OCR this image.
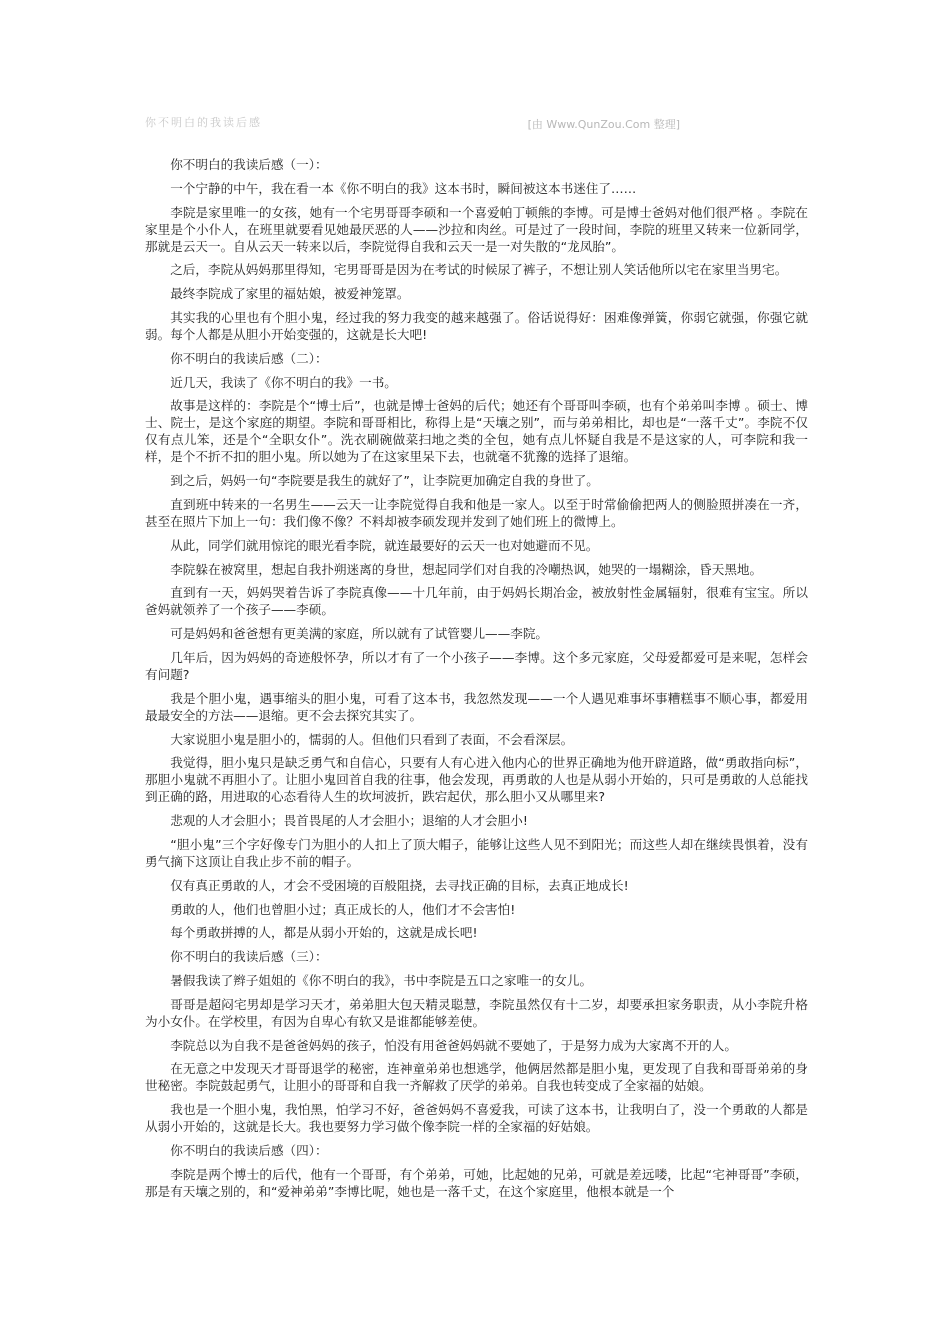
你不明白的我读后感	[由 Www.QunZou.Com 整理]

你不明白的我读后感（一）：

一个宁静的中午，我在看一本《你不明白的我》这本书时，瞬间被这本书迷住了……

李院是家里唯一的女孩，她有一个宅男哥哥李硕和一个喜爱帕丁顿熊的李博。可是博士爸妈对他们很严格 。李院在家里是个小仆人，在班里就要看见她最厌恶的人——沙拉和肉丝。可是过了一段时间，李院的班里又转来一位新同学，那就是云天一。自从云天一转来以后，李院觉得自我和云天一是一对失散的“龙凤胎”。

之后，李院从妈妈那里得知，宅男哥哥是因为在考试的时候尿了裤子，不想让别人笑话他所以宅在家里当男宅。

最终李院成了家里的福姑娘，被爱神笼罩。

其实我的心里也有个胆小鬼，经过我的努力我变的越来越强了。俗话说得好：困难像弹簧，你弱它就强，你强它就弱。每个人都是从胆小开始变强的，这就是长大吧!

你不明白的我读后感（二）：

近几天，我读了《你不明白的我》一书。

故事是这样的：李院是个“博士后”，也就是博士爸妈的后代；她还有个哥哥叫李硕，也有个弟弟叫李博 。硕士、博士、院士，是这个家庭的期望。李院和哥哥相比，称得上是“天壤之别”，而与弟弟相比，却也是“一落千丈”。李院不仅仅有点儿笨，还是个“全职女仆”。洗衣刷碗做菜扫地之类的全包，她有点儿怀疑自我是不是这家的人，可李院和我一样，是个不折不扣的胆小鬼。所以她为了在这家里呆下去，也就毫不犹豫的选择了退缩。

到之后，妈妈一句“李院要是我生的就好了”，让李院更加确定自我的身世了。

直到班中转来的一名男生——云天一让李院觉得自我和他是一家人。以至于时常偷偷把两人的侧脸照拼凑在一齐，甚至在照片下加上一句：我们像不像？不料却被李硕发现并发到了她们班上的微博上。

从此，同学们就用惊诧的眼光看李院，就连最要好的云天一也对她避而不见。

李院躲在被窝里，想起自我扑朔迷离的身世，想起同学们对自我的冷嘲热讽，她哭的一塌糊涂，昏天黑地。

直到有一天，妈妈哭着告诉了李院真像——十几年前，由于妈妈长期冶金，被放射性金属辐射，很难有宝宝。所以爸妈就领养了一个孩子——李硕。

可是妈妈和爸爸想有更美满的家庭，所以就有了试管婴儿——李院。

几年后，因为妈妈的奇迹般怀孕，所以才有了一个小孩子——李博。这个多元家庭，父母爱都爱可是来呢，怎样会有问题?

我是个胆小鬼，遇事缩头的胆小鬼，可看了这本书，我忽然发现——一个人遇见难事坏事糟糕事不顺心事，都爱用最最安全的方法——退缩。更不会去探究其实了。

大家说胆小鬼是胆小的，懦弱的人。但他们只看到了表面，不会看深层。

我觉得，胆小鬼只是缺乏勇气和自信心，只要有人有心进入他内心的世界正确地为他开辟道路，做“勇敢指向标”，那胆小鬼就不再胆小了。让胆小鬼回首自我的往事，他会发现，再勇敢的人也是从弱小开始的，只可是勇敢的人总能找到正确的路，用进取的心态看待人生的坎坷波折，跌宕起伏，那么胆小又从哪里来?

悲观的人才会胆小；畏首畏尾的人才会胆小；退缩的人才会胆小!

“胆小鬼”三个字好像专门为胆小的人扣上了顶大帽子，能够让这些人见不到阳光；而这些人却在继续畏惧着，没有勇气摘下这顶让自我止步不前的帽子。

仅有真正勇敢的人，才会不受困境的百般阻挠，去寻找正确的目标，去真正地成长!

勇敢的人，他们也曾胆小过；真正成长的人，他们才不会害怕!

每个勇敢拼搏的人，都是从弱小开始的，这就是成长吧!

你不明白的我读后感（三）：

暑假我读了辫子姐姐的《你不明白的我》，书中李院是五口之家唯一的女儿。

哥哥是超闷宅男却是学习天才，弟弟胆大包天精灵聪慧，李院虽然仅有十二岁，却要承担家务职责，从小李院升格为小女仆。在学校里，有因为自卑心有软又是谁都能够差使。

李院总以为自我不是爸爸妈妈的孩子，怕没有用爸爸妈妈就不要她了，于是努力成为大家离不开的人。

在无意之中发现天才哥哥退学的秘密，连神童弟弟也想逃学，他俩居然都是胆小鬼，更发现了自我和哥哥弟弟的身世秘密。李院鼓起勇气，让胆小的哥哥和自我一齐解救了厌学的弟弟。自我也转变成了全家福的姑娘。

我也是一个胆小鬼，我怕黑，怕学习不好，爸爸妈妈不喜爱我，可读了这本书，让我明白了，没一个勇敢的人都是从弱小开始的，这就是长大。我也要努力学习做个像李院一样的全家福的好姑娘。

你不明白的我读后感（四）：

李院是两个博士的后代，他有一个哥哥，有个弟弟，可她，比起她的兄弟，可就是差远喽，比起“宅神哥哥”李硕，那是有天壤之别的，和“爱神弟弟”李博比呢，她也是一落千丈，在这个家庭里，他根本就是一个
